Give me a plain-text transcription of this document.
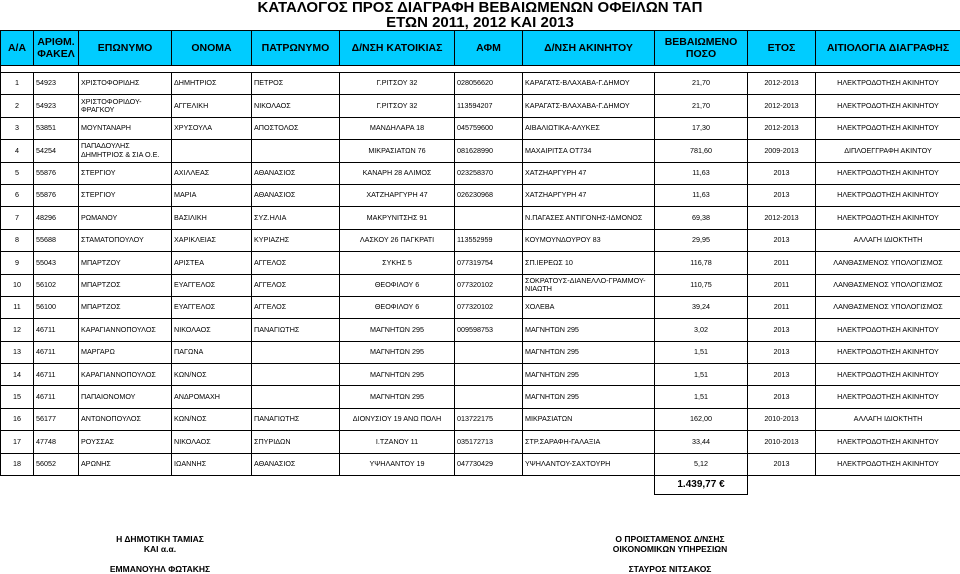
ΚΑΤΑΛΟΓΟΣ ΠΡΟΣ ΔΙΑΓΡΑΦΗ ΒΕΒΑΙΩΜΕΝΩΝ ΟΦΕΙΛΩΝ ΤΑΠ
ΕΤΩΝ 2011, 2012 ΚΑΙ 2013
Α/Α	ΑΡΙΘΜ. ΦΑΚΕΛ	ΕΠΩΝΥΜΟ	ΟΝΟΜΑ	ΠΑΤΡΩΝΥΜΟ	Δ/ΝΣΗ ΚΑΤΟΙΚΙΑΣ	ΑΦΜ	Δ/ΝΣΗ ΑΚΙΝΗΤΟΥ	ΒΕΒΑΙΩΜΕΝΟ ΠΟΣΟ	ΕΤΟΣ	ΑΙΤΙΟΛΟΓΙΑ ΔΙΑΓΡΑΦΗΣ

1	54923	ΧΡΙΣΤΟΦΟΡΙΔΗΣ	ΔΗΜΗΤΡΙΟΣ	ΠΕΤΡΟΣ	Γ.ΡΙΤΣΟΥ 32	028056620	ΚΑΡΑΓΑΤΣ-ΒΛΑΧΑΒΑ-Γ.ΔΗΜΟΥ	21,70	2012-2013	ΗΛΕΚΤΡΟΔΟΤΗΣΗ ΑΚΙΝΗΤΟΥ
2	54923	ΧΡΙΣΤΟΦΟΡΙΔΟΥ-ΦΡΑΓΚΟΥ	ΑΓΓΕΛΙΚΗ	ΝΙΚΟΛΑΟΣ	Γ.ΡΙΤΣΟΥ 32	113594207	ΚΑΡΑΓΑΤΣ-ΒΛΑΧΑΒΑ-Γ.ΔΗΜΟΥ	21,70	2012-2013	ΗΛΕΚΤΡΟΔΟΤΗΣΗ ΑΚΙΝΗΤΟΥ
3	53851	ΜΟΥΝΤΑΝΑΡΗ	ΧΡΥΣΟΥΛΑ	ΑΠΟΣΤΟΛΟΣ	ΜΑΝΔΗΛΑΡΑ 18	045759600	ΑΙΒΑΛΙΩΤΙΚΑ-ΑΛΥΚΕΣ	17,30	2012-2013	ΗΛΕΚΤΡΟΔΟΤΗΣΗ ΑΚΙΝΗΤΟΥ
4	54254	ΠΑΠΑΔΟΥΛΗΣ ΔΗΜΗΤΡΙΟΣ & ΣΙΑ Ο.Ε.			ΜΙΚΡΑΣΙΑΤΩΝ 76	081628990	ΜΑΧΑΙΡΙΤΣΑ ΟΤ734	781,60	2009-2013	ΔΙΠΛΟΕΓΓΡΑΦΗ ΑΚΙΝΤΟΥ
5	55876	ΣΤΕΡΓΙΟΥ	ΑΧΙΛΛΕΑΣ	ΑΘΑΝΑΣΙΟΣ	ΚΑΝΑΡΗ 28 ΑΛΙΜΟΣ	023258370	ΧΑΤΖΗΑΡΓΥΡΗ 47	11,63	2013	ΗΛΕΚΤΡΟΔΟΤΗΣΗ ΑΚΙΝΗΤΟΥ
6	55876	ΣΤΕΡΓΙΟΥ	ΜΑΡΙΑ	ΑΘΑΝΑΣΙΟΣ	ΧΑΤΖΗΑΡΓΥΡΗ 47	026230968	ΧΑΤΖΗΑΡΓΥΡΗ 47	11,63	2013	ΗΛΕΚΤΡΟΔΟΤΗΣΗ ΑΚΙΝΗΤΟΥ
7	48296	ΡΩΜΑΝΟΥ	ΒΑΣΙΛΙΚΗ	ΣΥΖ.ΗΛΙΑ	ΜΑΚΡΥΝΙΤΣΗΣ 91		Ν.ΠΑΓΑΣΕΣ ΑΝΤΙΓΟΝΗΣ-ΙΔΜΟΝΟΣ	69,38	2012-2013	ΗΛΕΚΤΡΟΔΟΤΗΣΗ ΑΚΙΝΗΤΟΥ
8	55688	ΣΤΑΜΑΤΟΠΟΥΛΟΥ	ΧΑΡΙΚΛΕΙΑΣ	ΚΥΡΙΑΖΗΣ	ΛΑΣΚΟΥ 26 ΠΑΓΚΡΑΤΙ	113552959	ΚΟΥΜΟΥΝΔΟΥΡΟΥ 83	29,95	2013	ΑΛΛΑΓΗ ΙΔΙΟΚΤΗΤΗ
9	55043	ΜΠΑΡΤΖΟΥ	ΑΡΙΣΤΕΑ	ΑΓΓΕΛΟΣ	ΣΥΚΗΣ 5	077319754	ΣΠ.ΙΕΡΕΩΣ 10	116,78	2011	ΛΑΝΘΑΣΜΕΝΟΣ ΥΠΟΛΟΓΙΣΜΟΣ
10	56102	ΜΠΑΡΤΖΟΣ	ΕΥΑΓΓΕΛΟΣ	ΑΓΓΕΛΟΣ	ΘΕΟΦΙΛΟΥ 6	077320102	ΣΟΚΡΑΤΟΥΣ-ΔΙΑΝΕΛΛΟ-ΓΡΑΜΜΟΥ-ΝΙΑΩΤΗ	110,75	2011	ΛΑΝΘΑΣΜΕΝΟΣ ΥΠΟΛΟΓΙΣΜΟΣ
11	56100	ΜΠΑΡΤΖΟΣ	ΕΥΑΓΓΕΛΟΣ	ΑΓΓΕΛΟΣ	ΘΕΟΦΙΛΟΥ 6	077320102	ΧΟΛΕΒΑ	39,24	2011	ΛΑΝΘΑΣΜΕΝΟΣ ΥΠΟΛΟΓΙΣΜΟΣ
12	46711	ΚΑΡΑΓΙΑΝΝΟΠΟΥΛΟΣ	ΝΙΚΟΛΑΟΣ	ΠΑΝΑΓΙΩΤΗΣ	ΜΑΓΝΗΤΩΝ 295	009598753	ΜΑΓΝΗΤΩΝ 295	3,02	2013	ΗΛΕΚΤΡΟΔΟΤΗΣΗ ΑΚΙΝΗΤΟΥ
13	46711	ΜΑΡΓΑΡΩ	ΠΑΓΩΝΑ		ΜΑΓΝΗΤΩΝ 295		ΜΑΓΝΗΤΩΝ 295	1,51	2013	ΗΛΕΚΤΡΟΔΟΤΗΣΗ ΑΚΙΝΗΤΟΥ
14	46711	ΚΑΡΑΓΙΑΝΝΟΠΟΥΛΟΣ	ΚΩΝ/ΝΟΣ		ΜΑΓΝΗΤΩΝ 295		ΜΑΓΝΗΤΩΝ 295	1,51	2013	ΗΛΕΚΤΡΟΔΟΤΗΣΗ ΑΚΙΝΗΤΟΥ
15	46711	ΠΑΠΑΙΟΝΟΜΟΥ	ΑΝΔΡΟΜΑΧΗ		ΜΑΓΝΗΤΩΝ 295		ΜΑΓΝΗΤΩΝ 295	1,51	2013	ΗΛΕΚΤΡΟΔΟΤΗΣΗ ΑΚΙΝΗΤΟΥ
16	56177	ΑΝΤΩΝΟΠΟΥΛΟΣ	ΚΩΝ/ΝΟΣ	ΠΑΝΑΓΙΩΤΗΣ	ΔΙΟΝΥΣΙΟΥ 19 ΑΝΩ ΠΟΛΗ	013722175	ΜΙΚΡΑΣΙΑΤΩΝ	162,00	2010-2013	ΑΛΛΑΓΗ ΙΔΙΟΚΤΗΤΗ
17	47748	ΡΟΥΣΣΑΣ	ΝΙΚΟΛΑΟΣ	ΣΠΥΡΙΔΩΝ	Ι.ΤΖΑΝΟΥ 11	035172713	ΣΤΡ.ΣΑΡΑΦΗ-ΓΑΛΑΞΙΑ	33,44	2010-2013	ΗΛΕΚΤΡΟΔΟΤΗΣΗ ΑΚΙΝΗΤΟΥ
18	56052	ΑΡΩΝΗΣ	ΙΩΑΝΝΗΣ	ΑΘΑΝΑΣΙΟΣ	ΥΨΗΛΑΝΤΟΥ 19	047730429	ΥΨΗΛΑΝΤΟΥ-ΣΑΧΤΟΥΡΗ	5,12	2013	ΗΛΕΚΤΡΟΔΟΤΗΣΗ ΑΚΙΝΗΤΟΥ
								1.439,77 €		
Η ΔΗΜΟΤΙΚΗ ΤΑΜΙΑΣ
ΚΑΙ α.α.
ΕΜΜΑΝΟΥΗΛ ΦΩΤΑΚΗΣ
Ο ΠΡΟΙΣΤΑΜΕΝΟΣ Δ/ΝΣΗΣ
ΟΙΚΟΝΟΜΙΚΩΝ ΥΠΗΡΕΣΙΩΝ
ΣΤΑΥΡΟΣ ΝΙΤΣΑΚΟΣ
